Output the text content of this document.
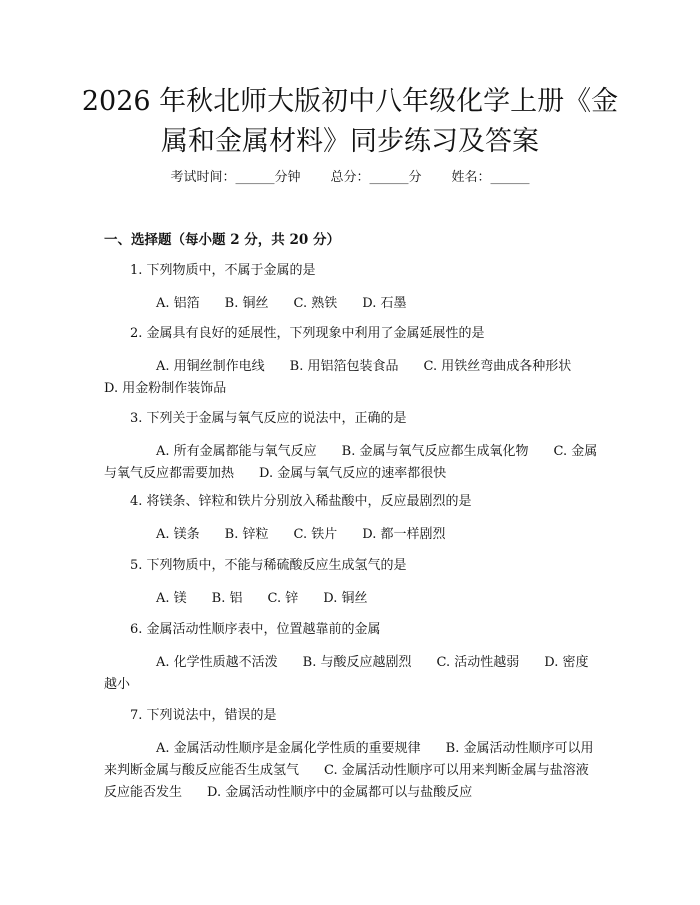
2026 年秋北师大版初中八年级化学上册《金
属和金属材料》同步练习及答案
考试时间：______分钟 总分：______分 姓名：______
一、选择题（每小题 2 分，共 20 分）
1. 下列物质中，不属于金属的是
A. 铝箔 B. 铜丝 C. 熟铁 D. 石墨
2. 金属具有良好的延展性，下列现象中利用了金属延展性的是
A. 用铜丝制作电线 B. 用铝箔包装食品 C. 用铁丝弯曲成各种形状D. 用金粉制作装饰品
3. 下列关于金属与氧气反应的说法中，正确的是
A. 所有金属都能与氧气反应 B. 金属与氧气反应都生成氧化物 C. 金属与氧气反应都需要加热 D. 金属与氧气反应的速率都很快
4. 将镁条、锌粒和铁片分别放入稀盐酸中，反应最剧烈的是
A. 镁条 B. 锌粒 C. 铁片 D. 都一样剧烈
5. 下列物质中，不能与稀硫酸反应生成氢气的是
A. 镁 B. 铝 C. 锌 D. 铜丝
6. 金属活动性顺序表中，位置越靠前的金属
A. 化学性质越不活泼 B. 与酸反应越剧烈 C. 活动性越弱 D. 密度越小
7. 下列说法中，错误的是
A. 金属活动性顺序是金属化学性质的重要规律 B. 金属活动性顺序可以用来判断金属与酸反应能否生成氢气 C. 金属活动性顺序可以用来判断金属与盐溶液反应能否发生 D. 金属活动性顺序中的金属都可以与盐酸反应
